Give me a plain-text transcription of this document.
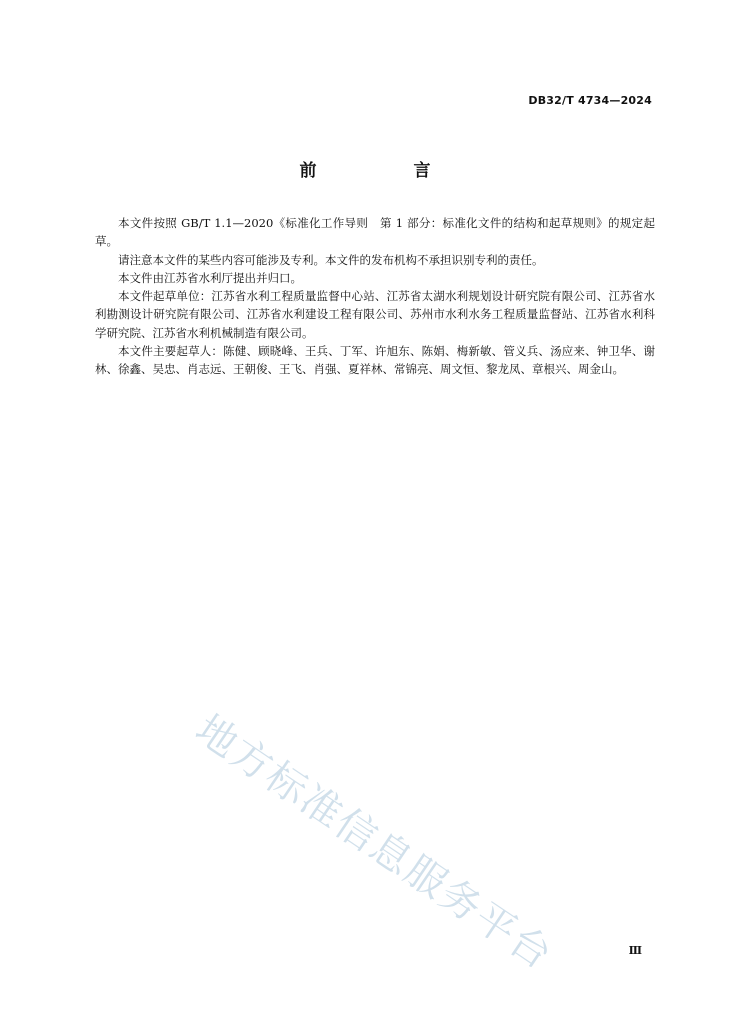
DB32/T 4734—2024
前　言

本文件按照 GB/T 1.1—2020《标准化工作导则　第 1 部分：标准化文件的结构和起草规则》的规定起草。

请注意本文件的某些内容可能涉及专利。本文件的发布机构不承担识别专利的责任。

本文件由江苏省水利厅提出并归口。

本文件起草单位：江苏省水利工程质量监督中心站、江苏省太湖水利规划设计研究院有限公司、江苏省水利勘测设计研究院有限公司、江苏省水利建设工程有限公司、苏州市水利水务工程质量监督站、江苏省水利科学研究院、江苏省水利机械制造有限公司。

本文件主要起草人：陈健、顾晓峰、王兵、丁军、许旭东、陈娟、梅新敏、管义兵、汤应来、钟卫华、谢林、徐鑫、吴忠、肖志远、王朝俊、王飞、肖强、夏祥林、常锦亮、周文恒、黎龙凤、章根兴、周金山。

地方标准信息服务平台	Ⅲ
